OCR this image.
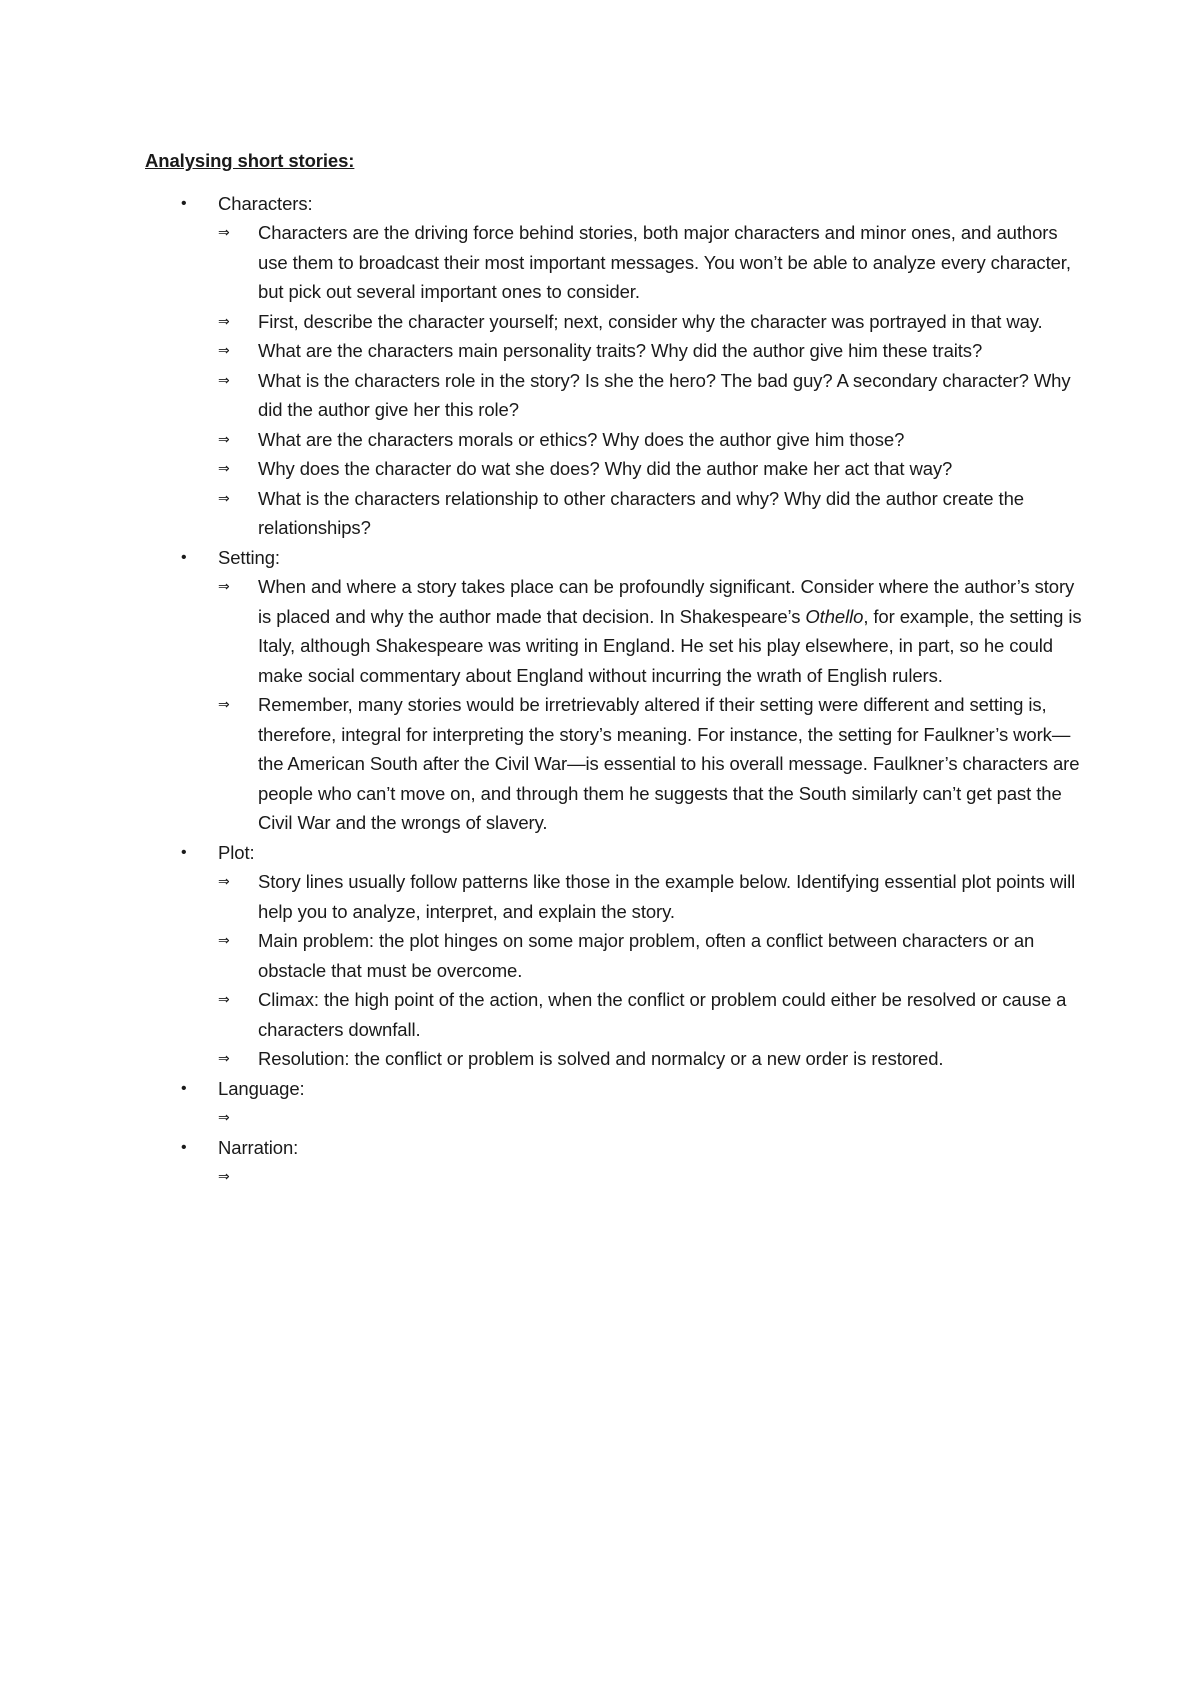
Analysing short stories:
• Characters:
⇒ Characters are the driving force behind stories, both major characters and minor ones, and authors use them to broadcast their most important messages. You won’t be able to analyze every character, but pick out several important ones to consider.
⇒ First, describe the character yourself; next, consider why the character was portrayed in that way.
⇒ What are the characters main personality traits? Why did the author give him these traits?
⇒ What is the characters role in the story? Is she the hero? The bad guy? A secondary character? Why did the author give her this role?
⇒ What are the characters morals or ethics? Why does the author give him those?
⇒ Why does the character do wat she does? Why did the author make her act that way?
⇒ What is the characters relationship to other characters and why? Why did the author create the relationships?
• Setting:
⇒ When and where a story takes place can be profoundly significant. Consider where the author’s story is placed and why the author made that decision. In Shakespeare’s Othello, for example, the setting is Italy, although Shakespeare was writing in England. He set his play elsewhere, in part, so he could make social commentary about England without incurring the wrath of English rulers.
⇒ Remember, many stories would be irretrievably altered if their setting were different and setting is, therefore, integral for interpreting the story’s meaning. For instance, the setting for Faulkner’s work—the American South after the Civil War—is essential to his overall message. Faulkner’s characters are people who can’t move on, and through them he suggests that the South similarly can’t get past the Civil War and the wrongs of slavery.
• Plot:
⇒ Story lines usually follow patterns like those in the example below. Identifying essential plot points will help you to analyze, interpret, and explain the story.
⇒ Main problem: the plot hinges on some major problem, often a conflict between characters or an obstacle that must be overcome.
⇒ Climax: the high point of the action, when the conflict or problem could either be resolved or cause a characters downfall.
⇒ Resolution: the conflict or problem is solved and normalcy or a new order is restored.
• Language:
⇒
• Narration:
⇒
